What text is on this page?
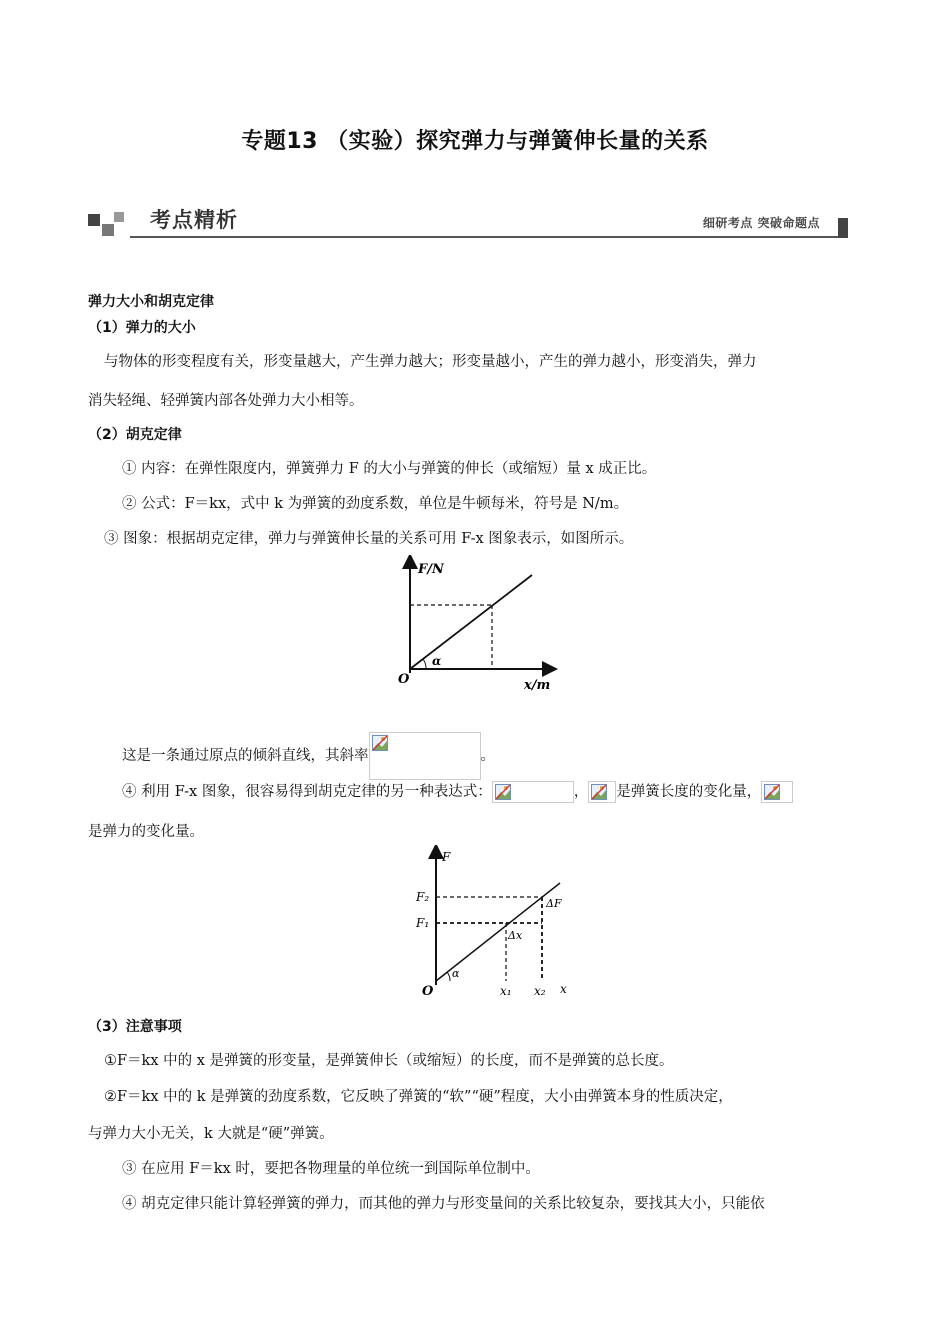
专题13 （实验）探究弹力与弹簧伸长量的关系
考点精析	细研考点 突破命题点
弹力大小和胡克定律
（1）弹力的大小
与物体的形变程度有关，形变量越大，产生弹力越大；形变量越小，产生的弹力越小，形变消失，弹力
消失轻绳、轻弹簧内部各处弹力大小相等。
（2）胡克定律
① 内容：在弹性限度内，弹簧弹力 F 的大小与弹簧的伸长（或缩短）量 x 成正比。
② 公式：F＝kx，式中 k 为弹簧的劲度系数，单位是牛顿每米，符号是 N/m。
③ 图象：根据胡克定律，弹力与弹簧伸长量的关系可用 F-x 图象表示，如图所示。
F/N
x/m
O
α
这是一条通过原点的倾斜直线，其斜率	。
④ 利用 F-x 图象，很容易得到胡克定律的另一种表达式：	， 是弹簧长度的变化量，
是弹力的变化量。
F
F₂
F₁
ΔF
Δx
O
α
x₁ x₂ x
（3）注意事项
①F＝kx 中的 x 是弹簧的形变量，是弹簧伸长（或缩短）的长度，而不是弹簧的总长度。
②F＝kx 中的 k 是弹簧的劲度系数，它反映了弹簧的“软”“硬”程度，大小由弹簧本身的性质决定，
与弹力大小无关，k 大就是“硬”弹簧。
③ 在应用 F＝kx 时，要把各物理量的单位统一到国际单位制中。
④ 胡克定律只能计算轻弹簧的弹力，而其他的弹力与形变量间的关系比较复杂，要找其大小，只能依
